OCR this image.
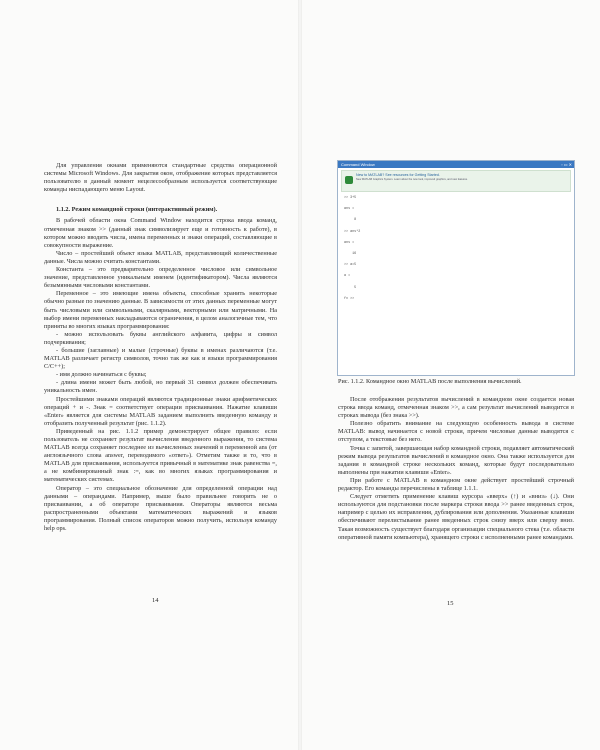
Для управления окнами применяются стандартные средства операционной системы Microsoft Windows. Для закрытия окон, отображение которых представляется пользователю в данный момент нецелесообразным используется соответствующие команды ниспадающего меню Layout.

1.1.2. Режим командной строки (интерактивный режим).

В рабочей области окна Command Window находится строка ввода команд, отмеченная знаком >> (данный знак символизирует еще и готовность к работе), в котором можно вводить числа, имена переменных и знаки операций, составляющие в совокупности выражение.

Число – простейший объект языка MATLAB, представляющий количественные данные. Числа можно считать константами.

Константа – это предварительно определенное числовое или символьное значение, представленное уникальным именем (идентификатором). Числа являются безымянными числовыми константами.

Переменное – это имеющие имена объекты, способные хранить некоторые обычно разные по значению данные. В зависимости от этих данных переменные могут быть числовыми или символьными, скалярными, векторными или матричными. На выбор имени переменных накладываются ограничения, в целом аналогичные тем, что приняты во многих языках программирования:

- можно использовать буквы английского алфавита, цифры и символ подчеркивания;

- большие (заглавные) и малые (строчные) буквы в именах различаются (т.е. MATLAB различает регистр символов, точно так же как и языки программирования C/C++);

- имя должно начинаться с буквы;

- длина имени может быть любой, но первый 31 символ должен обеспечивать уникальность имен.

Простейшими знаками операций являются традиционные знаки арифметических операций + и -. Знак = соответствует операции присваивания. Нажатие клавиши «Enter» является для системы MATLAB заданием выполнить введенную команду и отобразить полученный результат (рис. 1.1.2).

Приведенный на рис. 1.1.2 пример демонстрирует общее правило: если пользователь не сохраняет результат вычисления введенного выражения, то система MATLAB всегда сохраняет последнее из вычисленных значений в переменной ans (от англоязычного слова answer, переводимого «ответ»). Отметим также и то, что в MATLAB для присваивания, используется привычный в математике знак равенства =, а не комбинированный знак :=, как во многих языках программирования и математических системах.

Оператор – это специальное обозначение для определенной операции над данными – операндами. Например, выше было правильнее говорить не о присваивании, а об операторе присваивания. Операторы являются весьма распространенными объектами математических выражений и языков программирования. Полный список операторов можно получить, используя команду help ops.

14
Command Window	▫ ▭ ✕
New to MATLAB? See resources for Getting Started.
New MATLAB Graphics System. Learn about the new look, improved graphics, and new features.
>> 3+5

ans =

8

>> ans*2

ans =

16

>> a=5

a =

5

fx >>
Рис. 1.1.2. Командное окно MATLAB после выполнения вычислений.

После отображения результатов вычислений в командном окне создается новая строка ввода команд, отмеченная знаком >>, а сам результат вычислений выводится в строках вывода (без знака >>).

Полезно обратить внимание на следующую особенность вывода в системе MATLAB: вывод начинается с новой строки, причем числовые данные выводятся с отступом, а текстовые без него.

Точка с запятой, завершающая набор командной строки, подавляет автоматический режим вывода результатов вычислений в командное окно. Она также используется для задания в командной строке нескольких команд, которые будут последовательно выполнены при нажатии клавиши «Enter».

При работе с MATLAB в командном окне действует простейший строчный редактор. Его команды перечислены в таблице 1.1.1.

Следует отметить применение клавиш курсора «вверх» (↑) и «вниз» (↓). Они используются для подстановки после маркера строки ввода >> ранее введенных строк, например с целью их исправления, дублирования или дополнения. Указанные клавиши обеспечивают перелистывание ранее введенных строк снизу вверх или сверху вниз. Такая возможность существует благодаря организации специального стека (т.е. области оперативной памяти компьютера), хранящего строки с исполненными ранее командами.

15
